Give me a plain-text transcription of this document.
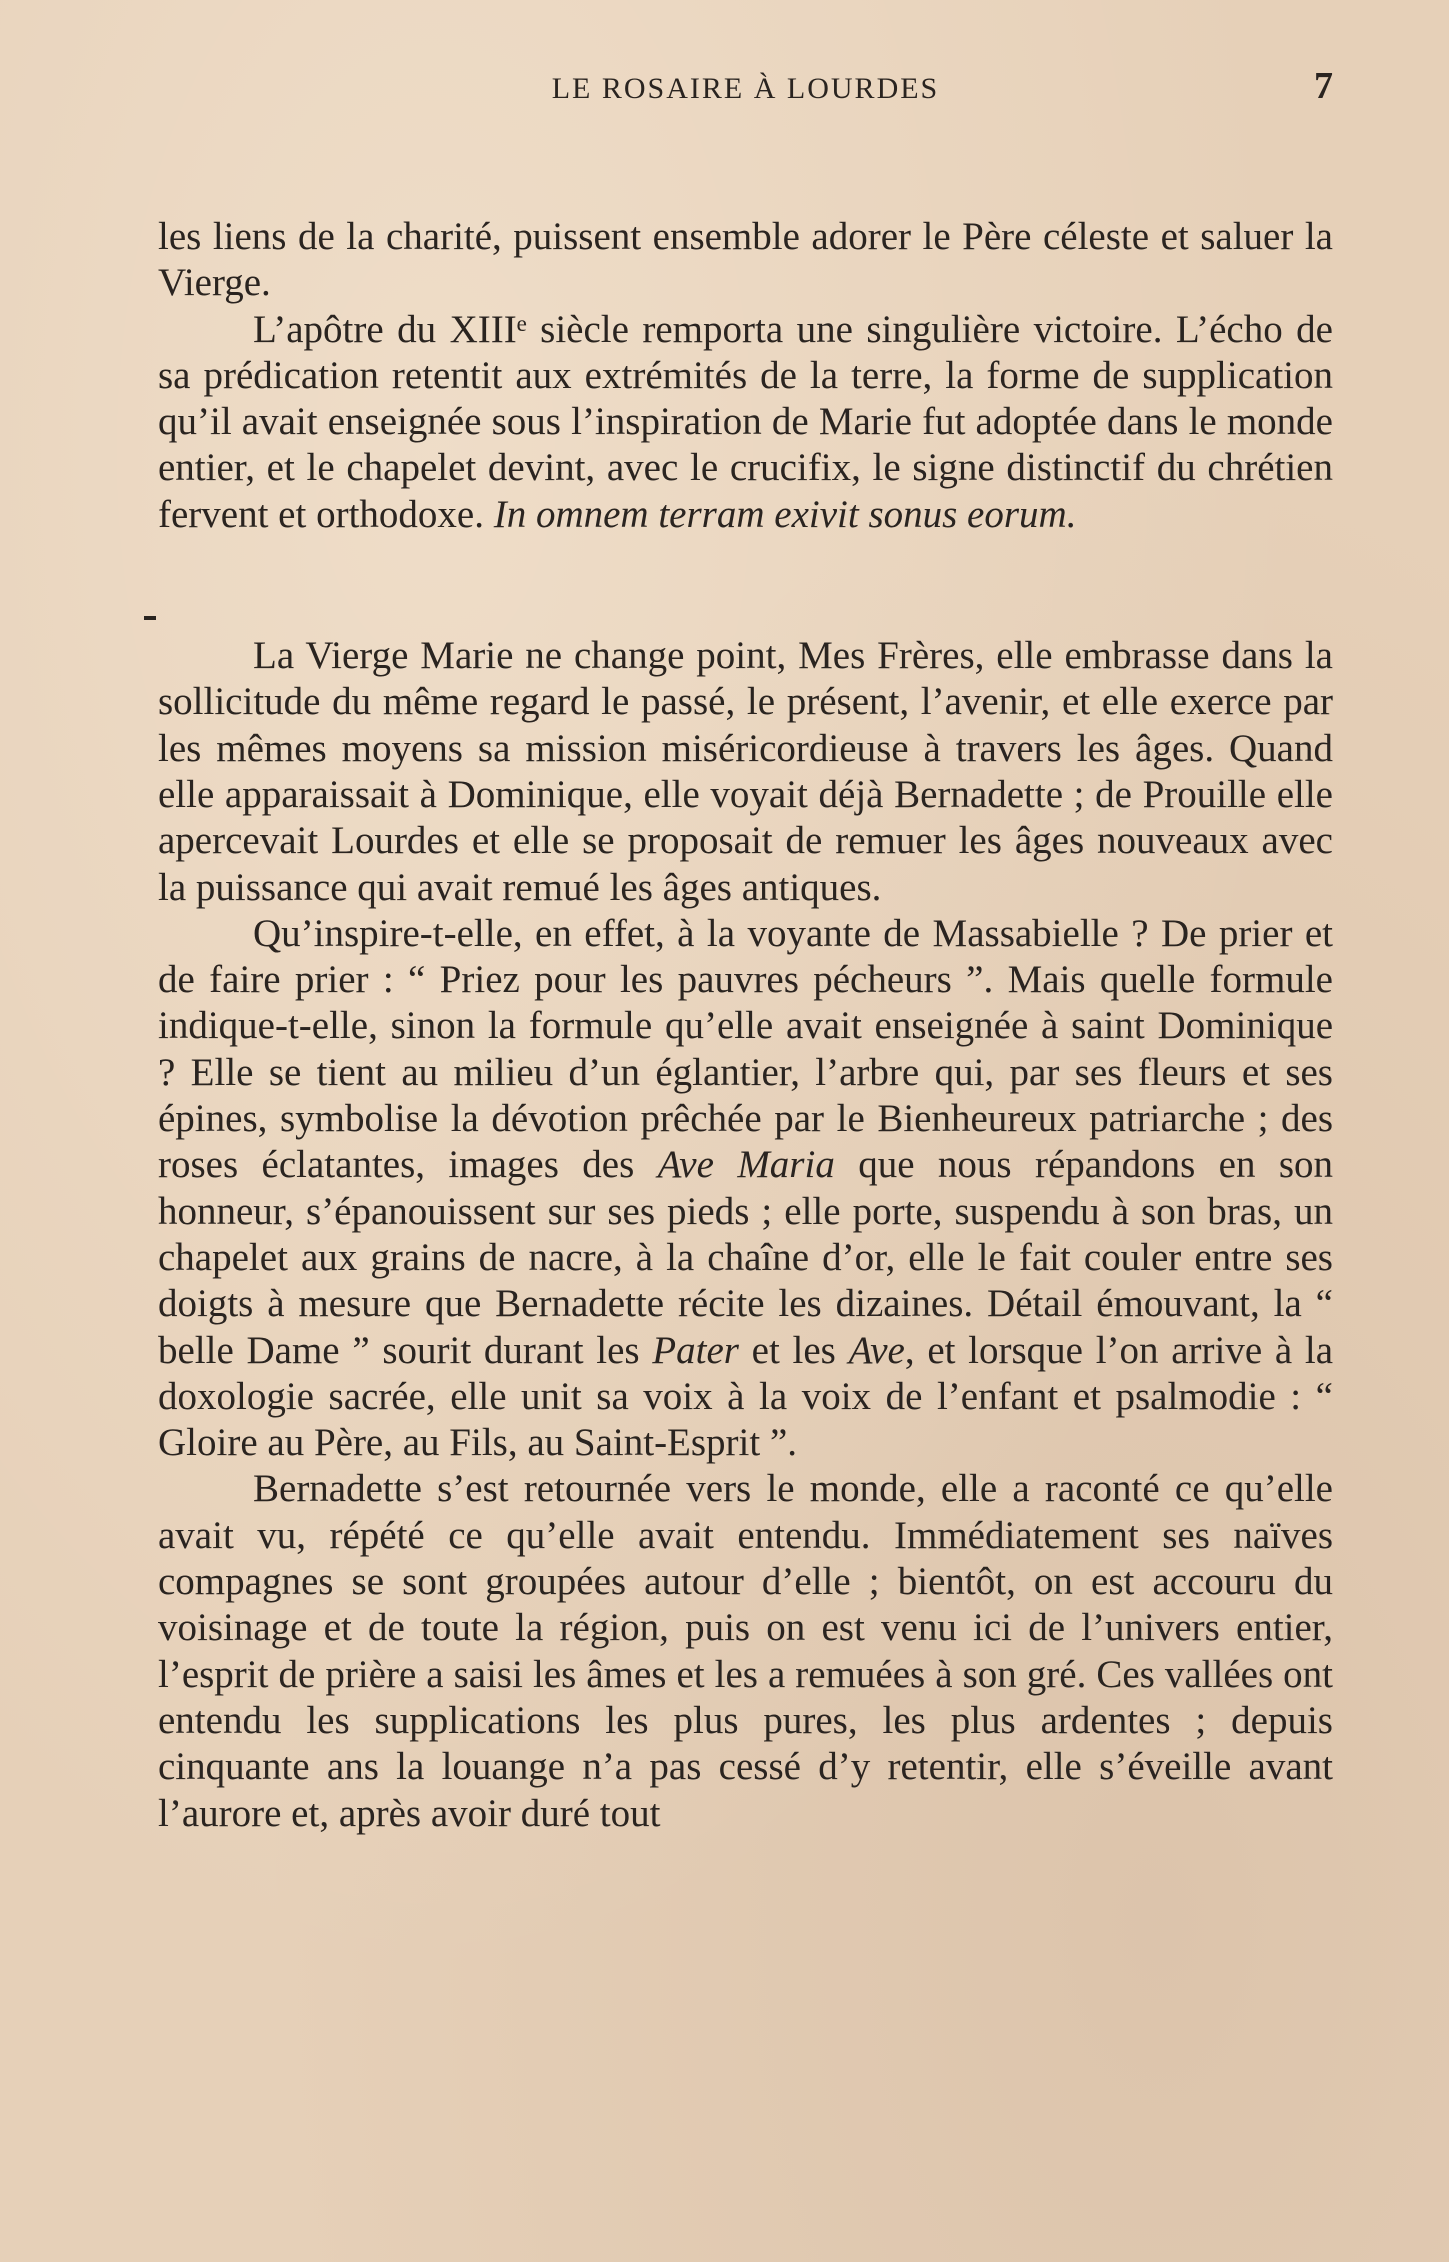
LE ROSAIRE À LOURDES	7

les liens de la charité, puissent ensemble adorer le Père céleste et saluer la Vierge.

L’apôtre du XIIIᵉ siècle remporta une singulière victoire. L’écho de sa prédication retentit aux extrémités de la terre, la forme de supplication qu’il avait enseignée sous l’inspiration de Marie fut adoptée dans le monde entier, et le chapelet devint, avec le crucifix, le signe distinctif du chrétien fervent et orthodoxe. In omnem terram exivit sonus eorum.

La Vierge Marie ne change point, Mes Frères, elle embrasse dans la sollicitude du même regard le passé, le présent, l’avenir, et elle exerce par les mêmes moyens sa mission miséricordieuse à travers les âges. Quand elle apparaissait à Dominique, elle voyait déjà Bernadette ; de Prouille elle apercevait Lourdes et elle se proposait de remuer les âges nouveaux avec la puissance qui avait remué les âges antiques.

Qu’inspire-t-elle, en effet, à la voyante de Massabielle ? De prier et de faire prier : “ Priez pour les pauvres pécheurs ”. Mais quelle formule indique-t-elle, sinon la formule qu’elle avait enseignée à saint Dominique ? Elle se tient au milieu d’un églantier, l’arbre qui, par ses fleurs et ses épines, symbolise la dévotion prêchée par le Bienheureux patriarche ; des roses éclatantes, images des Ave Maria que nous répandons en son honneur, s’épanouissent sur ses pieds ; elle porte, suspendu à son bras, un chapelet aux grains de nacre, à la chaîne d’or, elle le fait couler entre ses doigts à mesure que Bernadette récite les dizaines. Détail émouvant, la “ belle Dame ” sourit durant les Pater et les Ave, et lorsque l’on arrive à la doxologie sacrée, elle unit sa voix à la voix de l’enfant et psalmodie : “ Gloire au Père, au Fils, au Saint-Esprit ”.

Bernadette s’est retournée vers le monde, elle a raconté ce qu’elle avait vu, répété ce qu’elle avait entendu. Immédiatement ses naïves compagnes se sont groupées autour d’elle ; bientôt, on est accouru du voisinage et de toute la région, puis on est venu ici de l’univers entier, l’esprit de prière a saisi les âmes et les a remuées à son gré. Ces vallées ont entendu les supplications les plus pures, les plus ardentes ; depuis cinquante ans la louange n’a pas cessé d’y retentir, elle s’éveille avant l’aurore et, après avoir duré tout
